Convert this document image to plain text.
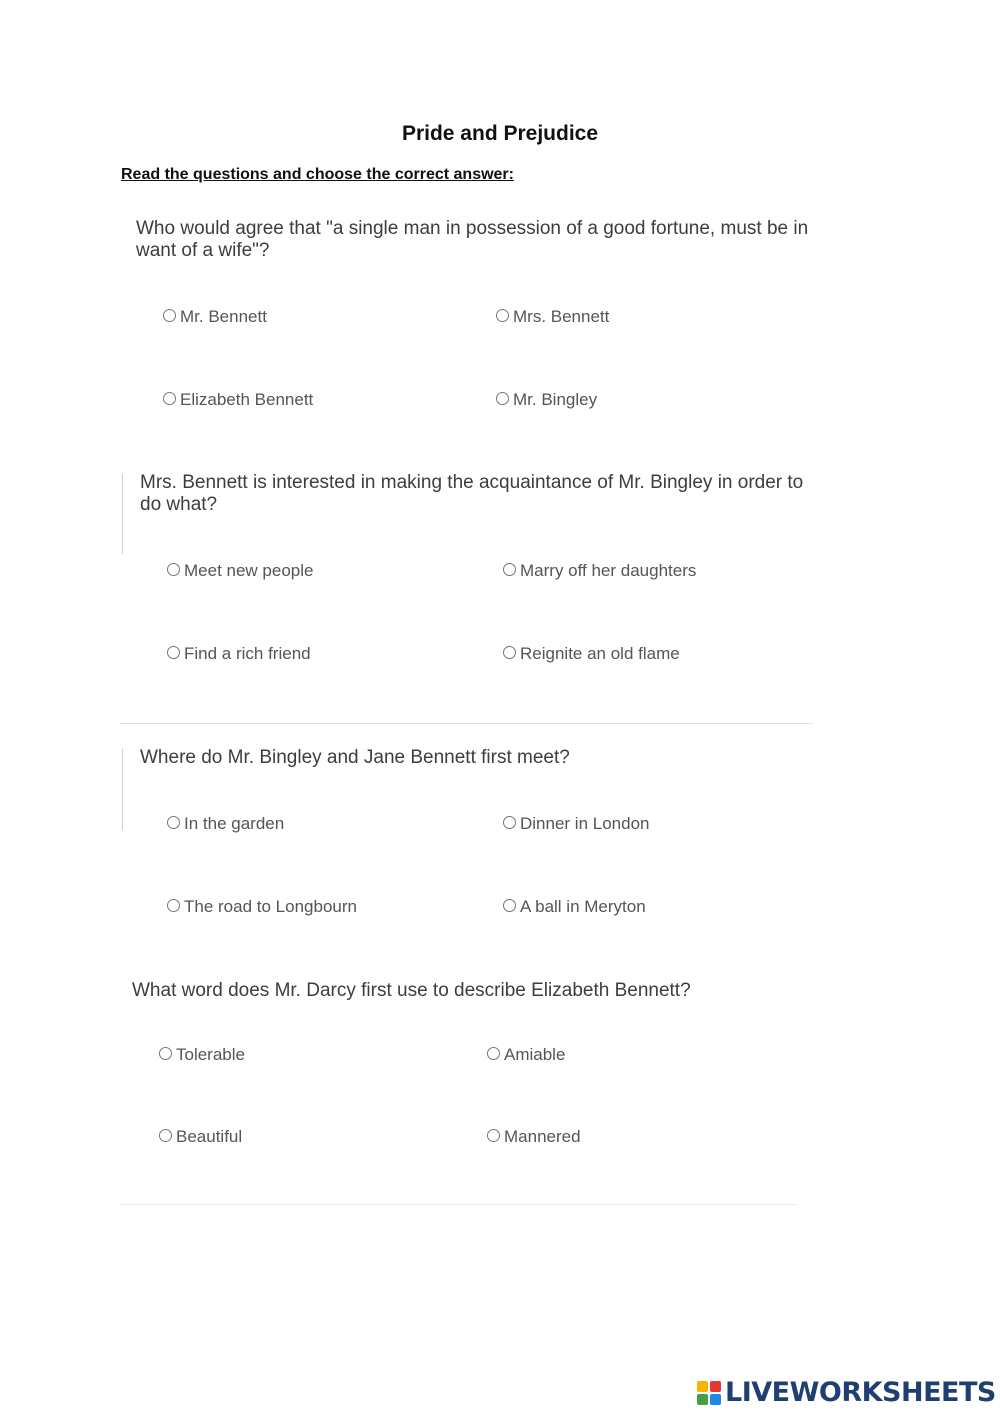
Pride and Prejudice
Read the questions and choose the correct answer:
Who would agree that "a single man in possession of a good fortune, must be in want of a wife"?
Mr. Bennett	Mrs. Bennett
Elizabeth Bennett	Mr. Bingley
Mrs. Bennett is interested in making the acquaintance of Mr. Bingley in order to do what?
Meet new people	Marry off her daughters
Find a rich friend	Reignite an old flame
Where do Mr. Bingley and Jane Bennett first meet?
In the garden	Dinner in London
The road to Longbourn	A ball in Meryton
What word does Mr. Darcy first use to describe Elizabeth Bennett?
Tolerable	Amiable
Beautiful	Mannered
LIVEWORKSHEETS
